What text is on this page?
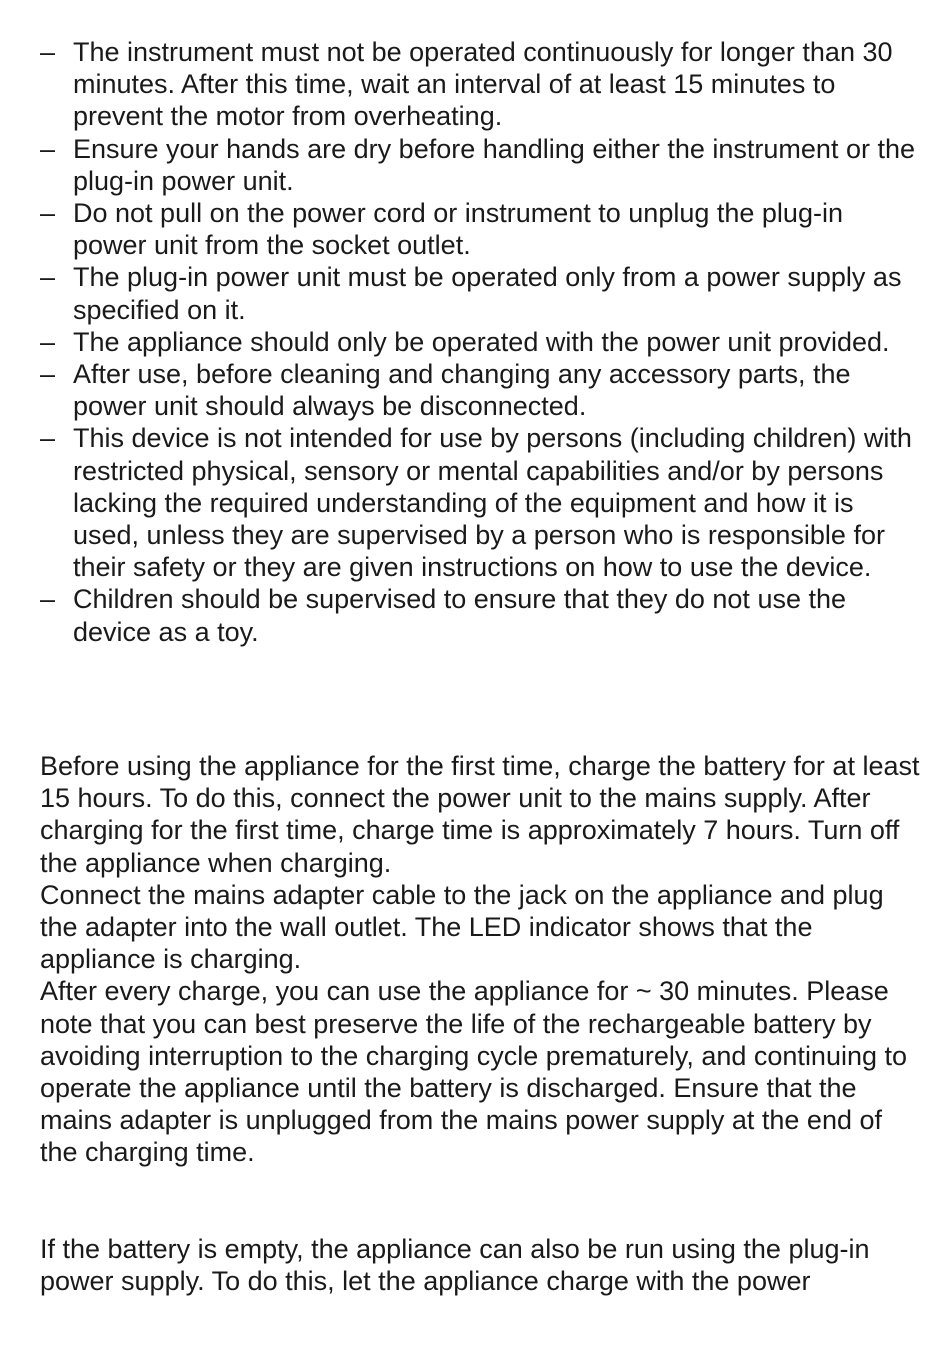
– The instrument must not be operated continuously for longer than 30 minutes. After this time, wait an interval of at least 15 minutes to prevent the motor from overheating.
– Ensure your hands are dry before handling either the instrument or the plug-in power unit.
– Do not pull on the power cord or instrument to unplug the plug-in power unit from the socket outlet.
– The plug-in power unit must be operated only from a power supply as specified on it.
– The appliance should only be operated with the power unit provided.
– After use, before cleaning and changing any accessory parts, the power unit should always be disconnected.
– This device is not intended for use by persons (including children) with restricted physical, sensory or mental capabilities and/or by persons lacking the required understanding of the equipment and how it is used, unless they are supervised by a person who is responsible for their safety or they are given instructions on how to use the device.
– Children should be supervised to ensure that they do not use the device as a toy.

Before using the appliance for the first time, charge the battery for at least 15 hours. To do this, connect the power unit to the mains supply. After charging for the first time, charge time is approximately 7 hours. Turn off the appliance when charging.

Connect the mains adapter cable to the jack on the appliance and plug the adapter into the wall outlet. The LED indicator shows that the appliance is charging.

After every charge, you can use the appliance for ~ 30 minutes. Please note that you can best preserve the life of the rechargeable battery by avoiding interruption to the charging cycle prematurely, and continuing to operate the appliance until the battery is discharged. Ensure that the mains adapter is unplugged from the mains power supply at the end of the charging time.

If the battery is empty, the appliance can also be run using the plug-in power supply. To do this, let the appliance charge with the power
